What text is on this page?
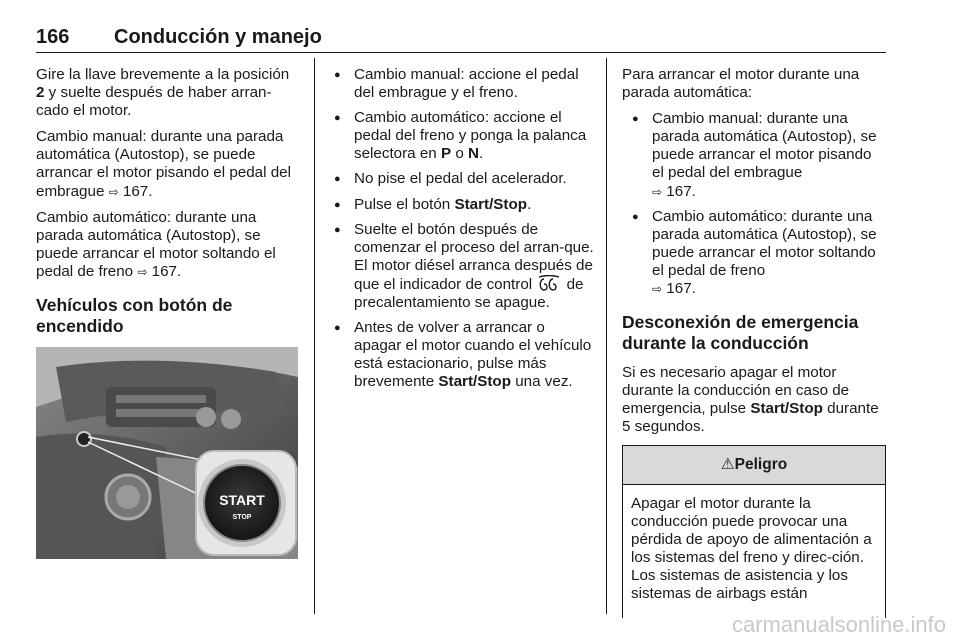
166 Conducción y manejo

Gire la llave brevemente a la posición 2 y suelte después de haber arran-cado el motor.

Cambio manual: durante una parada automática (Autostop), se puede arrancar el motor pisando el pedal del embrague ⇨ 167.

Cambio automático: durante una parada automática (Autostop), se puede arrancar el motor soltando el pedal de freno ⇨ 167.

Vehículos con botón de encendido
START
STOP
● Cambio manual: accione el pedal del embrague y el freno.
● Cambio automático: accione el pedal del freno y ponga la palanca selectora en P o N.
● No pise el pedal del acelerador.
● Pulse el botón Start/Stop.
● Suelte el botón después de comenzar el proceso del arran-que. El motor diésel arranca después de que el indicador de control  de precalentamiento se apague.
● Antes de volver a arrancar o apagar el motor cuando el vehículo está estacionario, pulse más brevemente Start/Stop una vez.

Para arrancar el motor durante una parada automática:

● Cambio manual: durante una parada automática (Autostop), se puede arrancar el motor pisando el pedal del embrague
⇨ 167.
● Cambio automático: durante una parada automática (Autostop), se puede arrancar el motor soltando el pedal de freno
⇨ 167.
Desconexión de emergencia durante la conducción

Si es necesario apagar el motor durante la conducción en caso de emergencia, pulse Start/Stop durante 5 segundos.

⚠Peligro
Apagar el motor durante la conducción puede provocar una pérdida de apoyo de alimentación a los sistemas del freno y direc-ción. Los sistemas de asistencia y los sistemas de airbags están
carmanualsonline.info
